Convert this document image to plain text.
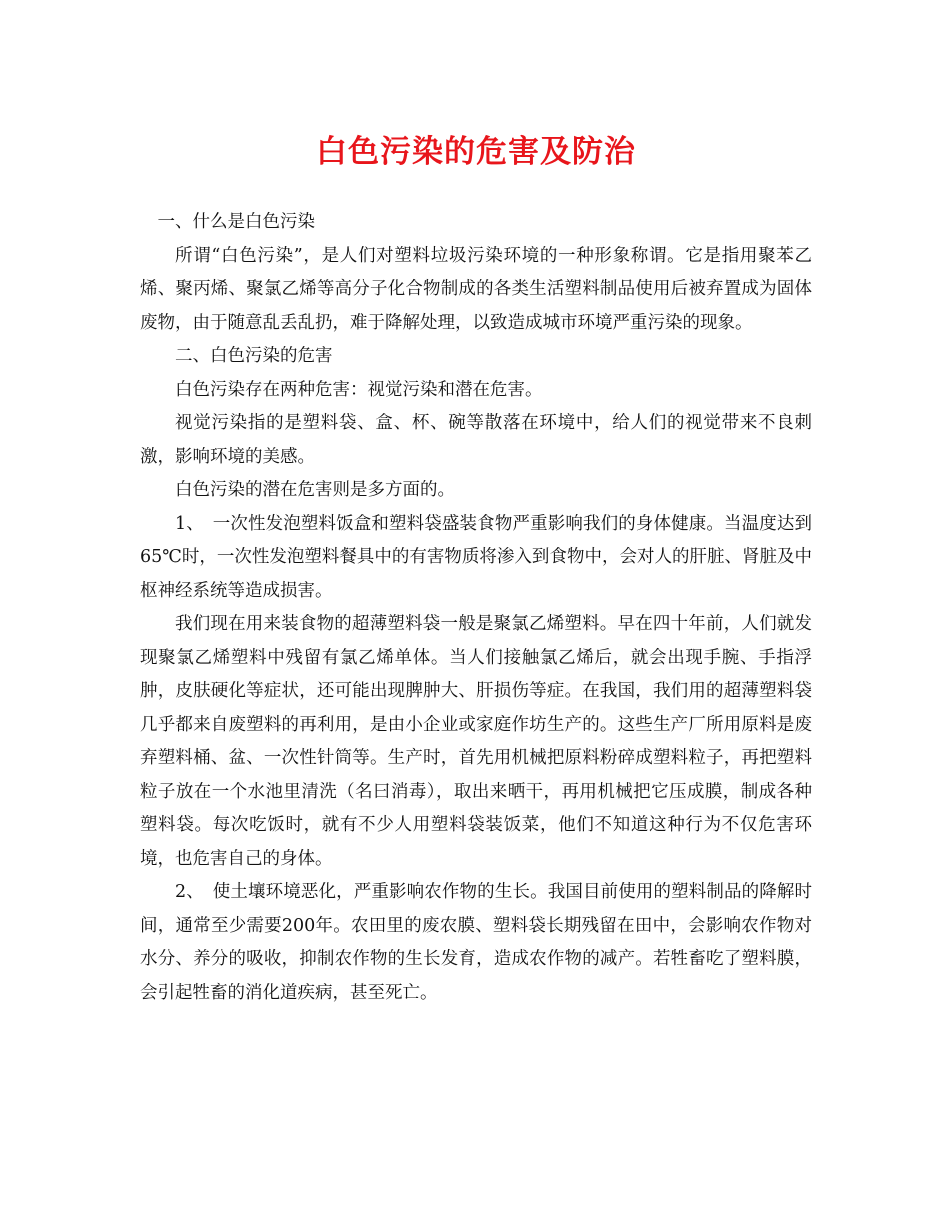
白色污染的危害及防治

一、什么是白色污染

所谓“白色污染”，是人们对塑料垃圾污染环境的一种形象称谓。它是指用聚苯乙烯、聚丙烯、聚氯乙烯等高分子化合物制成的各类生活塑料制品使用后被弃置成为固体废物，由于随意乱丢乱扔，难于降解处理，以致造成城市环境严重污染的现象。

二、白色污染的危害

白色污染存在两种危害：视觉污染和潜在危害。

视觉污染指的是塑料袋、盒、杯、碗等散落在环境中，给人们的视觉带来不良刺激，影响环境的美感。

白色污染的潜在危害则是多方面的。

1、　一次性发泡塑料饭盒和塑料袋盛装食物严重影响我们的身体健康。当温度达到65℃时，一次性发泡塑料餐具中的有害物质将渗入到食物中，会对人的肝脏、肾脏及中枢神经系统等造成损害。

我们现在用来装食物的超薄塑料袋一般是聚氯乙烯塑料。早在四十年前，人们就发现聚氯乙烯塑料中残留有氯乙烯单体。当人们接触氯乙烯后，就会出现手腕、手指浮肿，皮肤硬化等症状，还可能出现脾肿大、肝损伤等症。在我国，我们用的超薄塑料袋几乎都来自废塑料的再利用，是由小企业或家庭作坊生产的。这些生产厂所用原料是废弃塑料桶、盆、一次性针筒等。生产时，首先用机械把原料粉碎成塑料粒子，再把塑料粒子放在一个水池里清洗（名曰消毒），取出来晒干，再用机械把它压成膜，制成各种塑料袋。每次吃饭时，就有不少人用塑料袋装饭菜，他们不知道这种行为不仅危害环境，也危害自己的身体。

2、　使土壤环境恶化，严重影响农作物的生长。我国目前使用的塑料制品的降解时间，通常至少需要200年。农田里的废农膜、塑料袋长期残留在田中，会影响农作物对水分、养分的吸收，抑制农作物的生长发育，造成农作物的减产。若牲畜吃了塑料膜，会引起牲畜的消化道疾病，甚至死亡。
